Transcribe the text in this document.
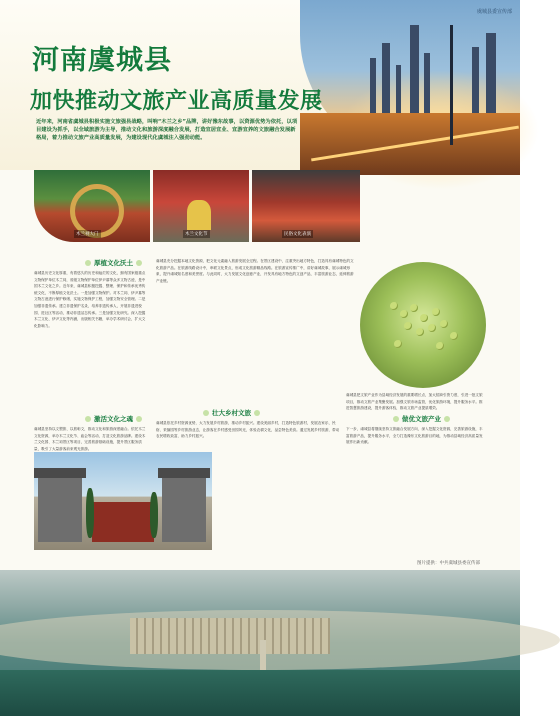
虞城县委宣传部
河南虞城县
加快推动文旅产业高质量发展
近年来，河南省虞城县积极实施文旅强县战略，叫响“木兰之乡”品牌，讲好豫东故事，以资源优势为依托，以项目建设为抓手，以全域旅游为主导，推动文化和旅游深度融合发展，打造宜居宜业、宜游宜养的文旅融合发展新格局，着力推动文旅产业高质量发展，为建设现代化虞城注入强劲动能。
木兰祠大门	木兰文化节	民俗文化表演
厚植文化沃土
激活文化之魂
壮大乡村文旅
做优文旅产业
虞城县历史文化厚重，有着悠久的历史和灿烂的文化，拥有国家级重点文物保护单位木兰祠，省级文物保护单位伊尹墓等众多文物古迹，是中国木兰文化之乡。近年来，虞城县积极挖掘、整理、保护和传承优秀传统文化，不断厚植文化沃土。一是加强文物保护。对木兰祠、伊尹墓等文物古迹进行保护修缮，实施文物保护工程，加强文物安全管理。二是加强非遗传承。建立非遗保护名录，培养非遗传承人，开展非遗进校园、进社区等活动，推动非遗活态传承。三是加强文化研究。深入挖掘木兰文化、伊尹文化等内涵，出版相关书籍，举办学术研讨会，扩大文化影响力。
虞城县坚持以文塑旅、以旅彰文，推动文化和旅游深度融合。依托木兰文化资源，举办木兰文化节、庙会等活动，打造文化旅游品牌。建设木兰文化园、木兰祠景区等项目，完善旅游基础设施，提升景区服务质量，吸引了大量游客前来观光旅游。
虞城县充分挖掘本地文化资源，把文化元素融入旅游发展全过程。在景区建设中，注重突出地方特色，打造具有虞城特色的文化旅游产品。在旅游线路设计中，串联文化景点，形成文化旅游精品线路。在旅游宣传推广中，讲好虞城故事，展示虞城形象，提升虞城知名度和美誉度。与此同时，大力发展文化创意产业，开发具有地方特色的文创产品，丰富旅游业态，延伸旅游产业链。
虞城县依托乡村资源优势，大力发展乡村旅游，推动乡村振兴。建设美丽乡村，打造特色旅游村，发展农家乐、民宿、采摘园等乡村旅游业态，让游客在乡村感受田园风光，体验农耕文化，品尝特色美食。通过发展乡村旅游，带动农民增收致富，助力乡村振兴。
虞城县把文旅产业作为县域经济发展的重要增长点，加大招商引资力度，引进一批文旅项目，推动文旅产业集聚发展。加强文旅市场监管，优化旅游环境，提升服务水平。推进智慧旅游建设，提升游客体验，推动文旅产业提质增效。
下一步，虞城县将继续坚持文旅融合发展方向，深入挖掘文化资源，完善旅游设施，丰富旅游产品，提升服务水平，全力打造豫东文化旅游目的地，为推动县域经济高质量发展作出新贡献。
图片提供：中共虞城县委宣传部
